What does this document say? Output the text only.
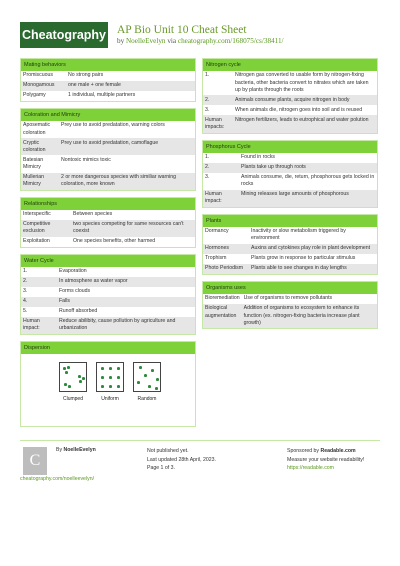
Cheatography AP Bio Unit 10 Cheat Sheet
by NoelleEvelyn via cheatography.com/168075/cs/38411/
Mating behaviors
Promiscuous	No strong pairs
Monogamous	one male + one female
Polygamy	1 individual, multiple partners
Coloration and Mimicry
Aposematic coloration	Prey use to avoid predatation, warning colors
Cryptic coloration	Prey use to avoid predatation, camoflague
Batesian Mimicry	Nontoxic mimics toxic
Mullerian Mimicry	2 or more dangerous species with similiar warning coloration, more known
Relationships
Interspecific	Between species
Competitive exclusion	two species competing for same resources can't coexist
Exploitation	One species benefits, other harmed
Water Cycle
1.	Evaporation
2.	In atmosphere as water vapor
3.	Forms clouds
4.	Falls
5.	Runoff absorbed
Human impact:	Reduce abilibity, cause pollution by agriculture and urbanization
Dispersion
Clumped	Uniform	Random
Nitrogen cycle
1.	Nitrogen gas converted to usable form by nitrogen-fixing bacteria, other bacteria convert to nitrates which are taken up by plants through the roots
2.	Animals consume plants, acquire nitrogen in body
3.	When animals die, nitrogen goes into soil and is reused
Human impacts:	Nitrogen fertilizers, leads to eutrophical and water polution
Phosphorus Cycle
1.	Found in rocks
2.	Plants take up through roots
3.	Animals consume, die, return, phosphorous gets locked in rocks
Human impact:	Mining releases large amounts of phosphorous
Plants
Dormancy	Inactivity or slow metabolism triggered by environment
Hormones	Auxins and cytokines play role in plant development
Trophism	Plants grow in response to particular stimulus
Photo Periodism	Plants able to see changes in day lengths
Organisms uses
Bioremediation	Use of organisms to remove pollutants
Biological augmentation	Addition of organisms to ecosystem to enhance its function (ex. nitrogen-fixing bacteria increase plant growth)
C
By NoelleEvelyn	Not published yet.
Last updated 28th April, 2023.
Page 1 of 3.
Sponsored by Readable.com
Measure your website readability!
https://readable.com
cheatography.com/noelleevelyn/
